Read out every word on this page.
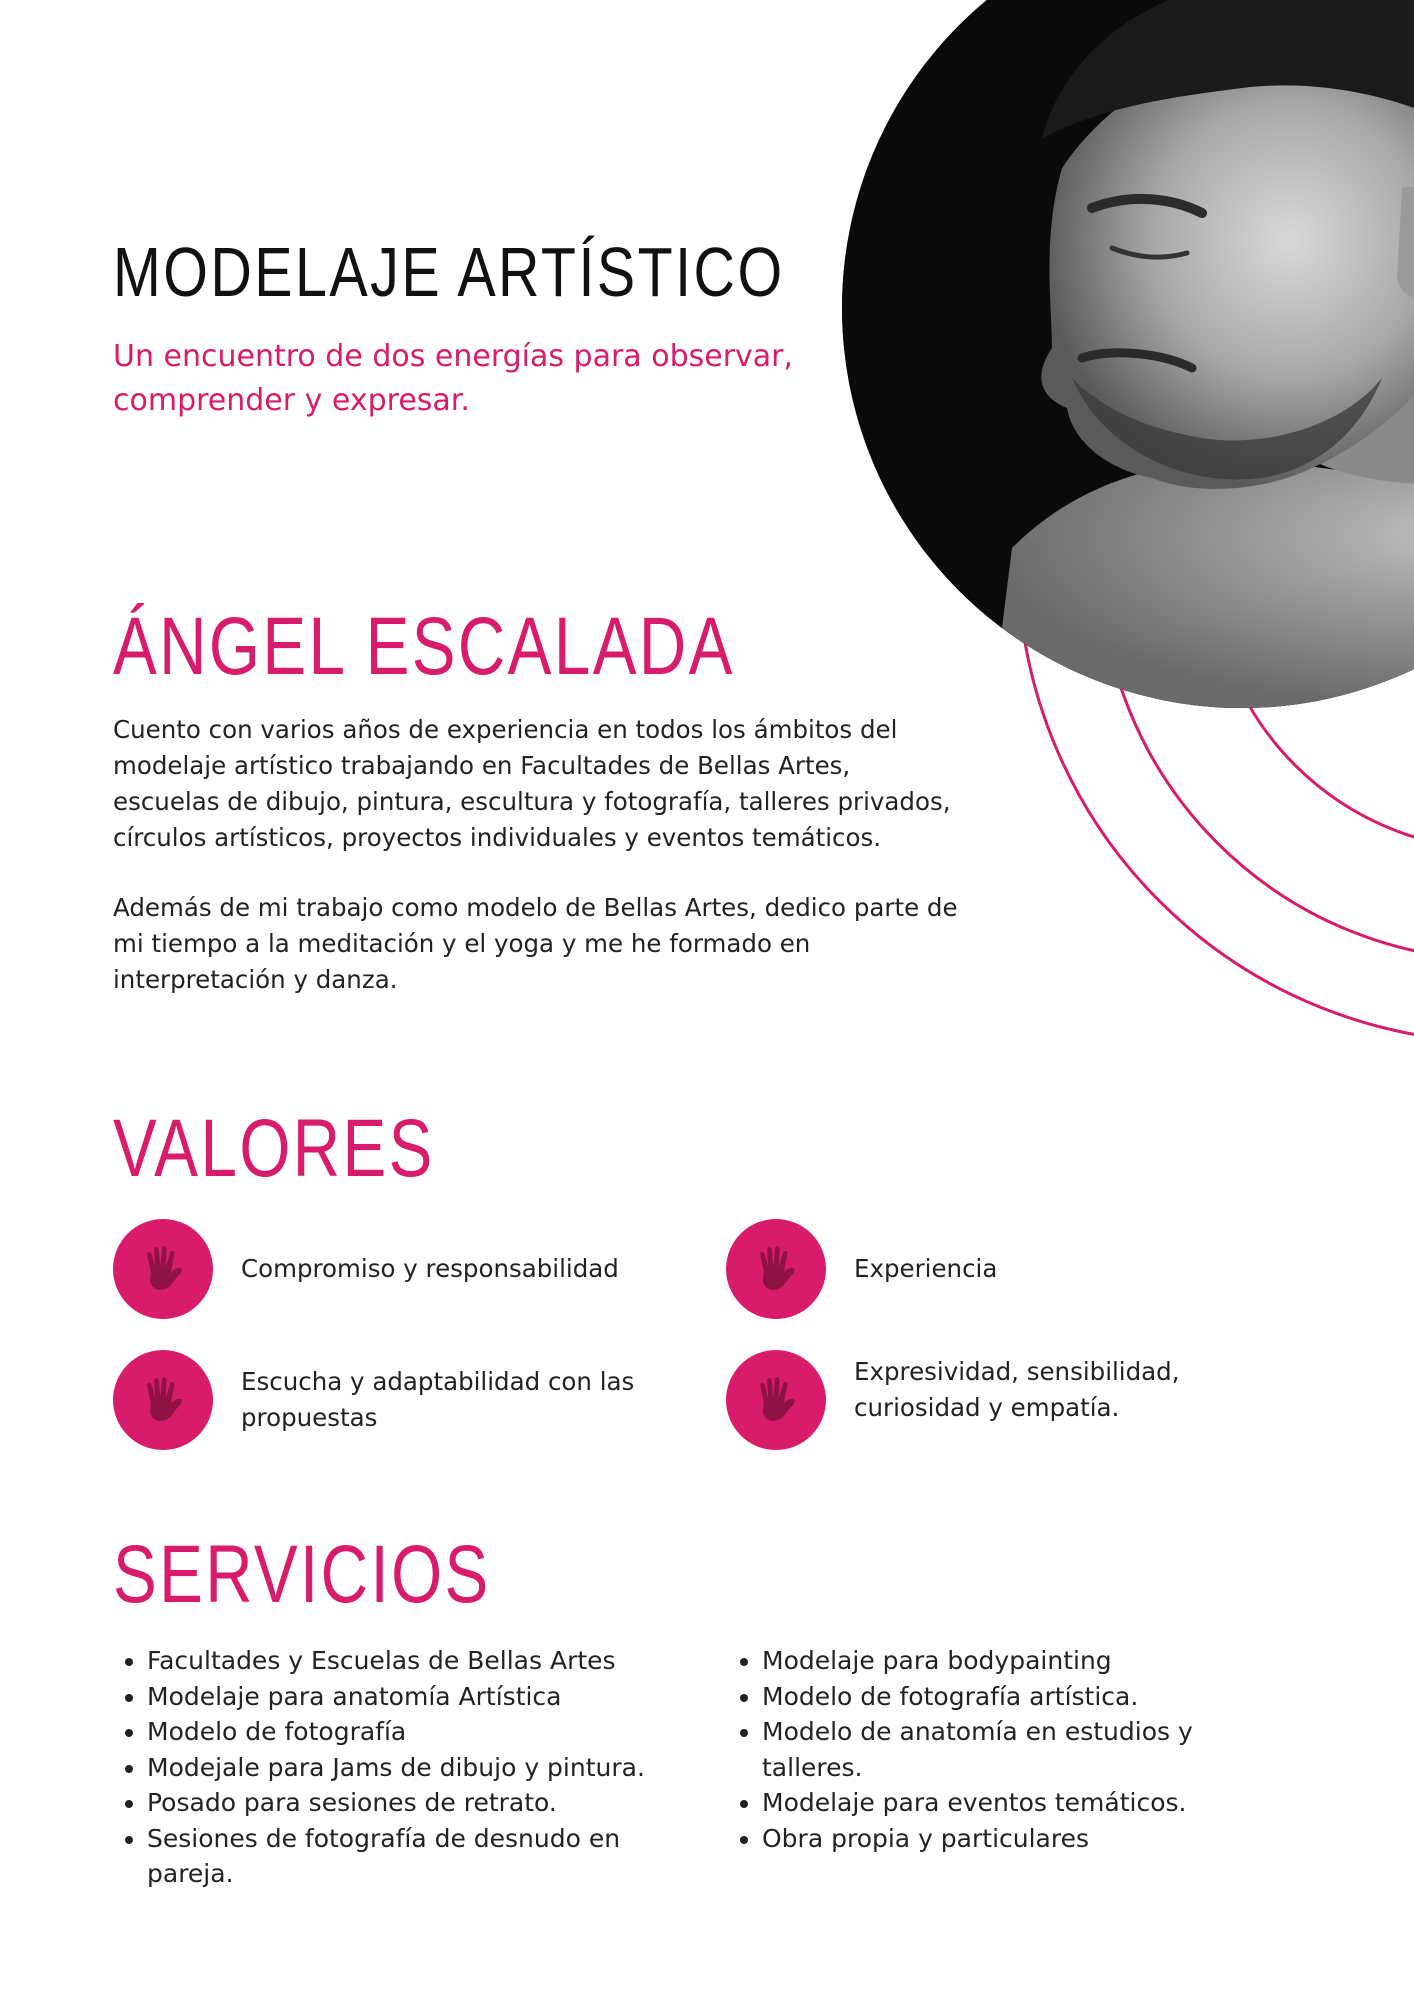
MODELAJE ARTÍSTICO
Un encuentro de dos energías para observar, comprender y expresar.
ÁNGEL ESCALADA

Cuento con varios años de experiencia en todos los ámbitos del modelaje artístico trabajando en Facultades de Bellas Artes, escuelas de dibujo, pintura, escultura y fotografía, talleres privados, círculos artísticos, proyectos individuales y eventos temáticos.

Además de mi trabajo como modelo de Bellas Artes, dedico parte de mi tiempo a la meditación y el yoga y me he formado en interpretación y danza.

VALORES
Compromiso y responsabilidad	Experiencia
Escucha y adaptabilidad con las propuestas
Expresividad, sensibilidad, curiosidad y empatía.
SERVICIOS
• Facultades y Escuelas de Bellas Artes
• Modelaje para anatomía Artística
• Modelo de fotografía
• Modejale para Jams de dibujo y pintura.
• Posado para sesiones de retrato.
• Sesiones de fotografía de desnudo en pareja.
• Modelaje para bodypainting
• Modelo de fotografía artística.
• Modelo de anatomía en estudios y talleres.
• Modelaje para eventos temáticos.
• Obra propia y particulares
